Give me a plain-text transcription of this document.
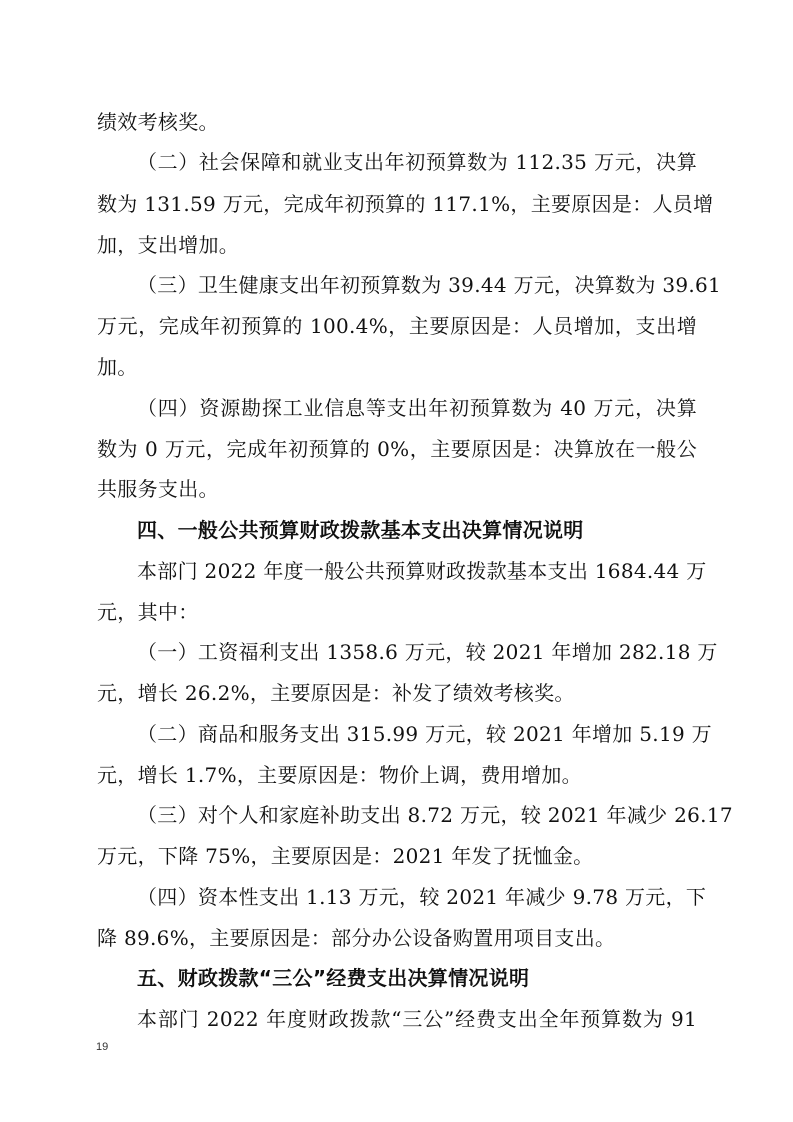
绩效考核奖。
（二）社会保障和就业支出年初预算数为 112.35 万元，决算
数为 131.59 万元，完成年初预算的 117.1%，主要原因是：人员增
加，支出增加。
（三）卫生健康支出年初预算数为 39.44 万元，决算数为 39.61
万元，完成年初预算的 100.4%，主要原因是：人员增加，支出增
加。
（四）资源勘探工业信息等支出年初预算数为 40 万元，决算
数为 0 万元，完成年初预算的 0%，主要原因是：决算放在一般公
共服务支出。
四、一般公共预算财政拨款基本支出决算情况说明
本部门 2022 年度一般公共预算财政拨款基本支出 1684.44 万
元，其中：
（一）工资福利支出 1358.6 万元，较 2021 年增加 282.18 万
元，增长 26.2%，主要原因是：补发了绩效考核奖。
（二）商品和服务支出 315.99 万元，较 2021 年增加 5.19 万
元，增长 1.7%，主要原因是：物价上调，费用增加。
（三）对个人和家庭补助支出 8.72 万元，较 2021 年减少 26.17
万元，下降 75%，主要原因是：2021 年发了抚恤金。
（四）资本性支出 1.13 万元，较 2021 年减少 9.78 万元，下
降 89.6%，主要原因是：部分办公设备购置用项目支出。
五、财政拨款“三公”经费支出决算情况说明
本部门 2022 年度财政拨款“三公”经费支出全年预算数为 91
19
